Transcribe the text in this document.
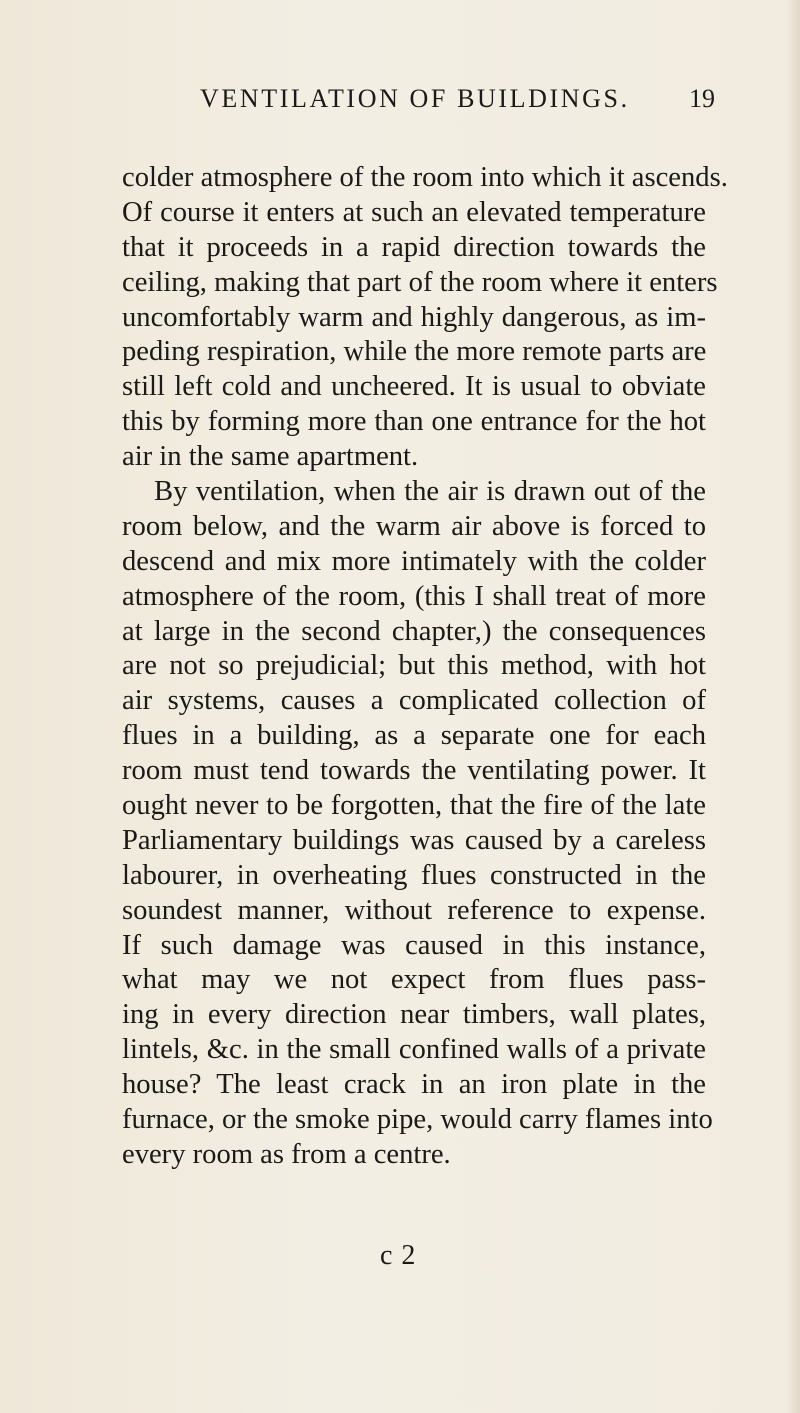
VENTILATION OF BUILDINGS. 19
colder atmosphere of the room into which it ascends.
Of course it enters at such an elevated temperature
that it proceeds in a rapid direction towards the
ceiling, making that part of the room where it enters
uncomfortably warm and highly dangerous, as im-
peding respiration, while the more remote parts are
still left cold and uncheered. It is usual to obviate
this by forming more than one entrance for the hot
air in the same apartment.
By ventilation, when the air is drawn out of the
room below, and the warm air above is forced to
descend and mix more intimately with the colder
atmosphere of the room, (this I shall treat of more
at large in the second chapter,) the consequences
are not so prejudicial; but this method, with hot
air systems, causes a complicated collection of
flues in a building, as a separate one for each
room must tend towards the ventilating power. It
ought never to be forgotten, that the fire of the late
Parliamentary buildings was caused by a careless
labourer, in overheating flues constructed in the
soundest manner, without reference to expense.
If such damage was caused in this instance,
what may we not expect from flues pass-
ing in every direction near timbers, wall plates,
lintels, &c. in the small confined walls of a private
house? The least crack in an iron plate in the
furnace, or the smoke pipe, would carry flames into
every room as from a centre.
c 2
